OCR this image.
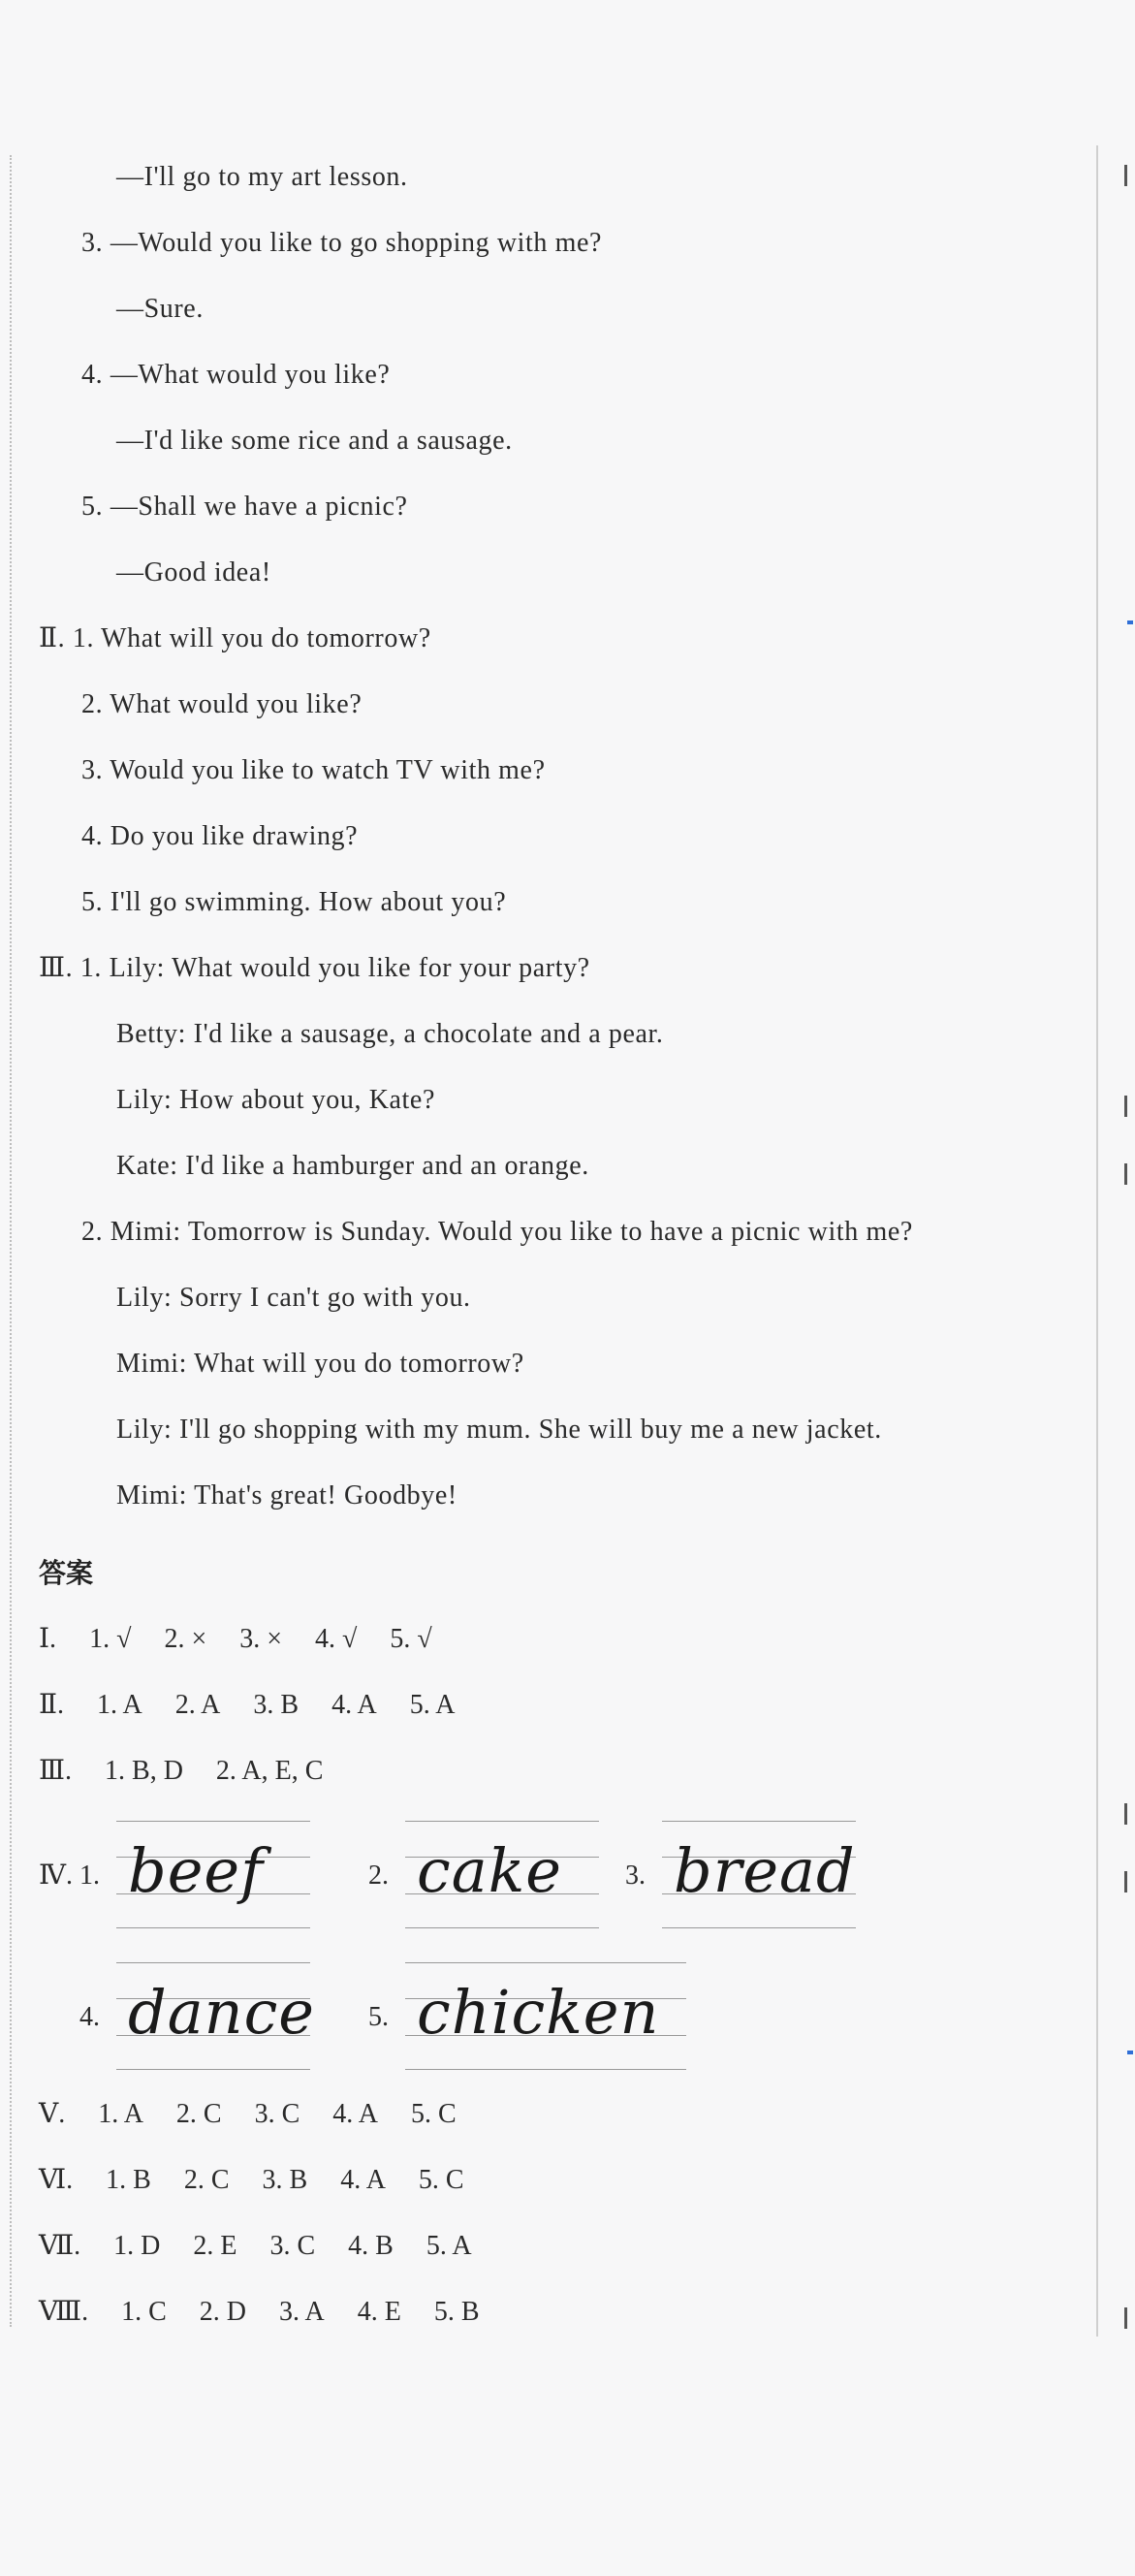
—I'll go to my art lesson.
3. —Would you like to go shopping with me?
—Sure.
4. —What would you like?
—I'd like some rice and a sausage.
5. —Shall we have a picnic?
—Good idea!
Ⅱ. 1. What will you do tomorrow?
2. What would you like?
3. Would you like to watch TV with me?
4. Do you like drawing?
5. I'll go swimming. How about you?
Ⅲ. 1. Lily: What would you like for your party?
Betty: I'd like a sausage, a chocolate and a pear.
Lily: How about you, Kate?
Kate: I'd like a hamburger and an orange.
2. Mimi: Tomorrow is Sunday. Would you like to have a picnic with me?
Lily: Sorry I can't go with you.
Mimi: What will you do tomorrow?
Lily: I'll go shopping with my mum. She will buy me a new jacket.
Mimi: That's great! Goodbye!
答案
Ⅰ. 1. √ 2. × 3. × 4. √ 5. √
Ⅱ. 1. A 2. A 3. B 4. A 5. A
Ⅲ. 1. B, D 2. A, E, C
Ⅳ. 1. beef	2. cake 3. bread
4. dance 5. chicken
Ⅴ. 1. A 2. C 3. C 4. A 5. C
Ⅵ. 1. B 2. C 3. B 4. A 5. C
Ⅶ. 1. D 2. E 3. C 4. B 5. A
Ⅷ. 1. C 2. D 3. A 4. E 5. B
